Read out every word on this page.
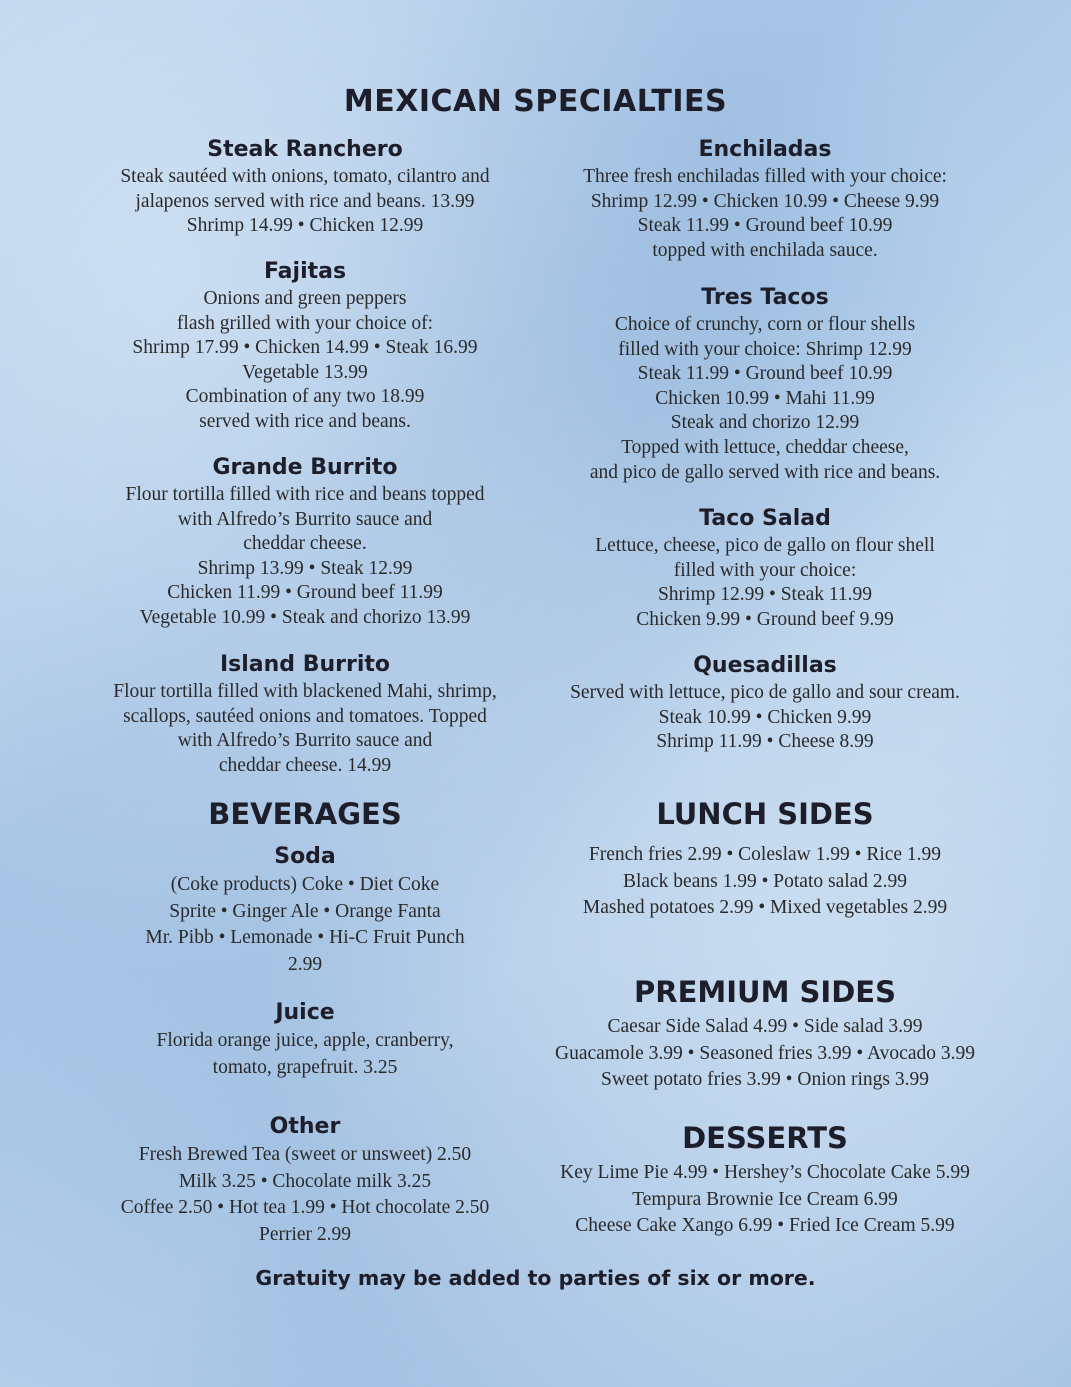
MEXICAN SPECIALTIES
Steak Ranchero

Steak sautéed with onions, tomato, cilantro and
jalapenos served with rice and beans. 13.99
Shrimp 14.99 • Chicken 12.99

Fajitas

Onions and green peppers
flash grilled with your choice of:
Shrimp 17.99 • Chicken 14.99 • Steak 16.99
Vegetable 13.99
Combination of any two 18.99
served with rice and beans.

Grande Burrito

Flour tortilla filled with rice and beans topped
with Alfredo’s Burrito sauce and
cheddar cheese.
Shrimp 13.99 • Steak 12.99
Chicken 11.99 • Ground beef 11.99
Vegetable 10.99 • Steak and chorizo 13.99

Island Burrito

Flour tortilla filled with blackened Mahi, shrimp,
scallops, sautéed onions and tomatoes. Topped
with Alfredo’s Burrito sauce and
cheddar cheese. 14.99

BEVERAGES
Soda

(Coke products) Coke • Diet Coke
Sprite • Ginger Ale • Orange Fanta
Mr. Pibb • Lemonade • Hi-C Fruit Punch
2.99

Juice

Florida orange juice, apple, cranberry,
tomato, grapefruit. 3.25

Other

Fresh Brewed Tea (sweet or unsweet) 2.50
Milk 3.25 • Chocolate milk 3.25
Coffee 2.50 • Hot tea 1.99 • Hot chocolate 2.50
Perrier 2.99

Enchiladas

Three fresh enchiladas filled with your choice:
Shrimp 12.99 • Chicken 10.99 • Cheese 9.99
Steak 11.99 • Ground beef 10.99
topped with enchilada sauce.

Tres Tacos

Choice of crunchy, corn or flour shells
filled with your choice: Shrimp 12.99
Steak 11.99 • Ground beef 10.99
Chicken 10.99 • Mahi 11.99
Steak and chorizo 12.99
Topped with lettuce, cheddar cheese,
and pico de gallo served with rice and beans.

Taco Salad

Lettuce, cheese, pico de gallo on flour shell
filled with your choice:
Shrimp 12.99 • Steak 11.99
Chicken 9.99 • Ground beef 9.99

Quesadillas

Served with lettuce, pico de gallo and sour cream.
Steak 10.99 • Chicken 9.99
Shrimp 11.99 • Cheese 8.99

LUNCH SIDES

French fries 2.99 • Coleslaw 1.99 • Rice 1.99
Black beans 1.99 • Potato salad 2.99
Mashed potatoes 2.99 • Mixed vegetables 2.99

PREMIUM SIDES

Caesar Side Salad 4.99 • Side salad 3.99
Guacamole 3.99 • Seasoned fries 3.99 • Avocado 3.99
Sweet potato fries 3.99 • Onion rings 3.99

DESSERTS

Key Lime Pie 4.99 • Hershey’s Chocolate Cake 5.99
Tempura Brownie Ice Cream 6.99
Cheese Cake Xango 6.99 • Fried Ice Cream 5.99

Gratuity may be added to parties of six or more.
